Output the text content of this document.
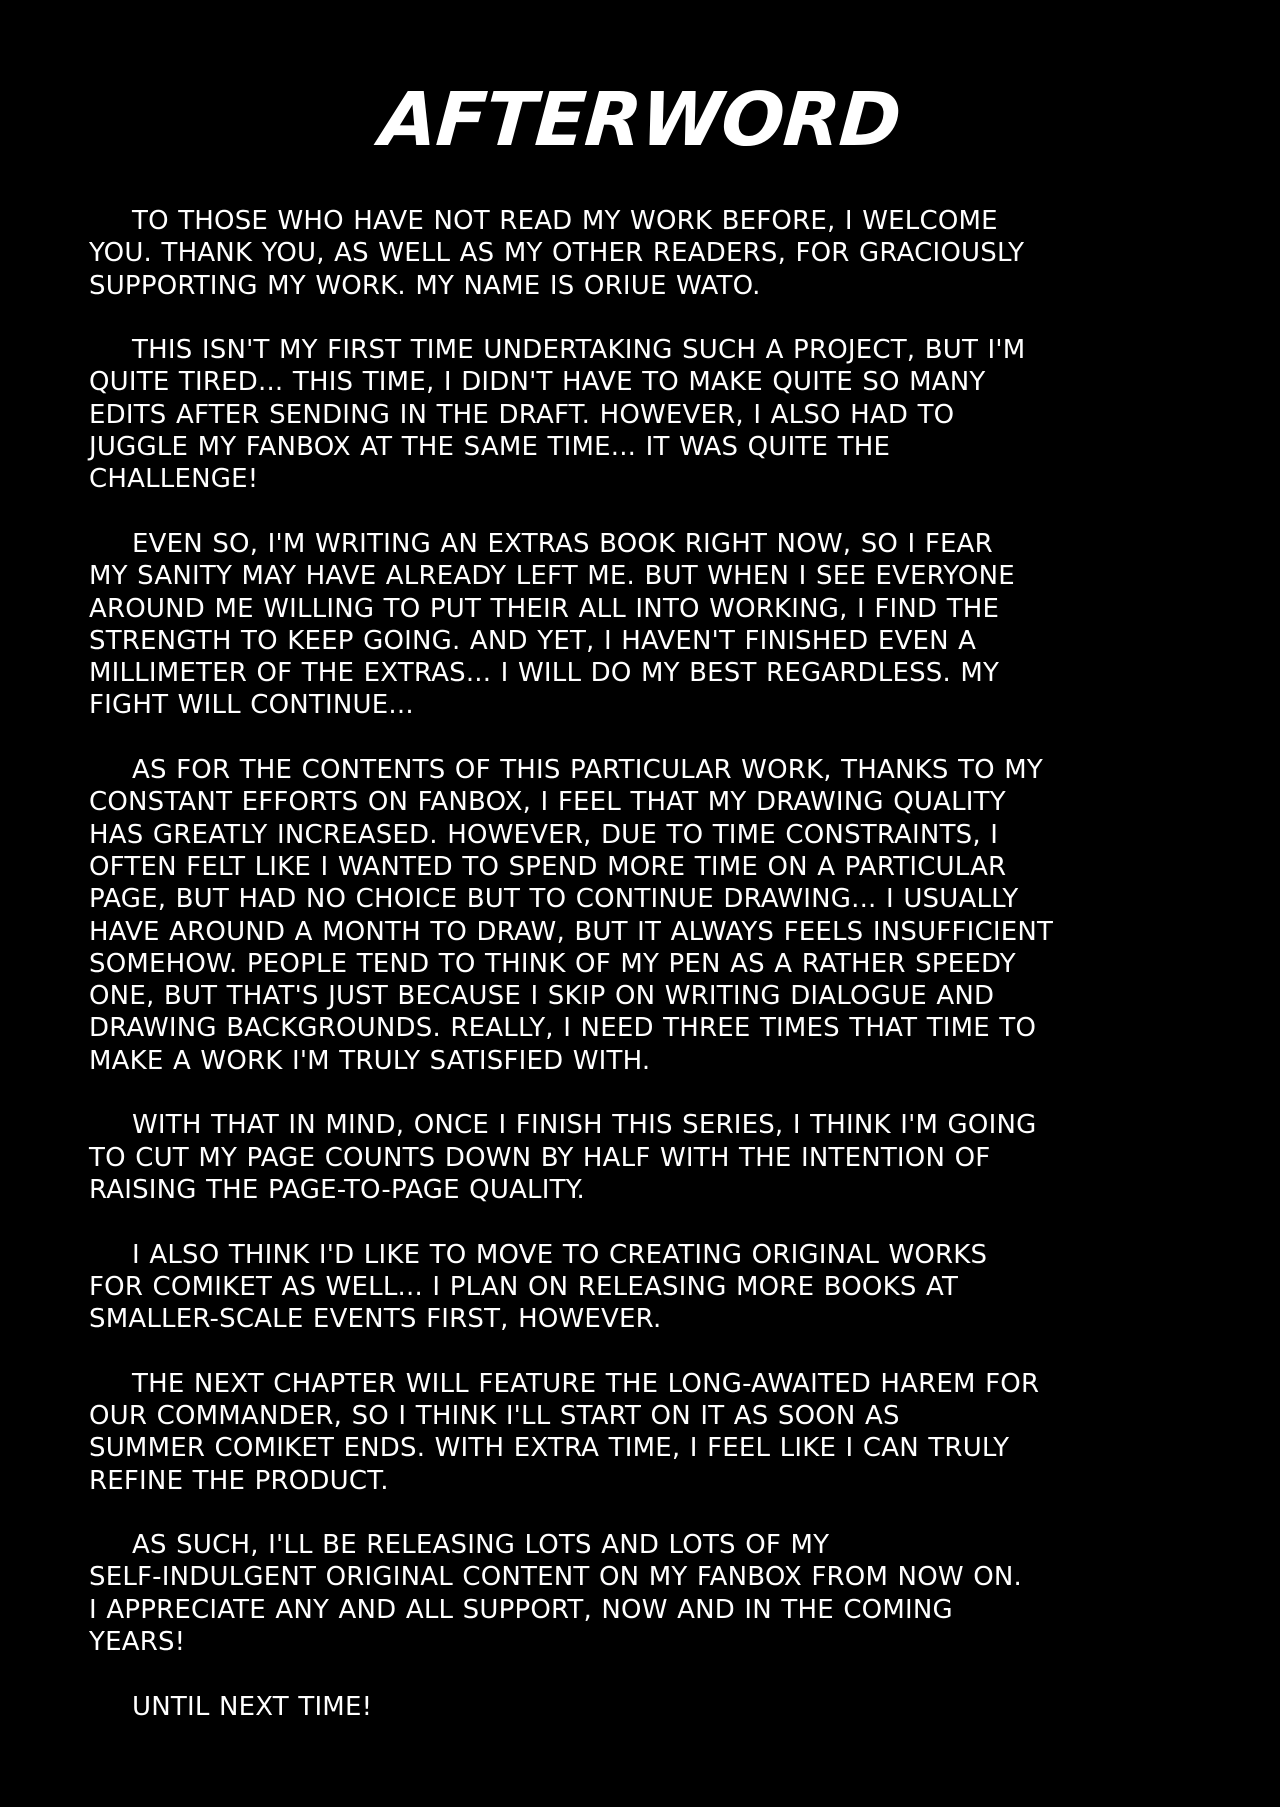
AFTERWORD

TO THOSE WHO HAVE NOT READ MY WORK BEFORE, I WELCOME
YOU. THANK YOU, AS WELL AS MY OTHER READERS, FOR GRACIOUSLY
SUPPORTING MY WORK. MY NAME IS ORIUE WATO.

THIS ISN'T MY FIRST TIME UNDERTAKING SUCH A PROJECT, BUT I'M
QUITE TIRED... THIS TIME, I DIDN'T HAVE TO MAKE QUITE SO MANY
EDITS AFTER SENDING IN THE DRAFT. HOWEVER, I ALSO HAD TO
JUGGLE MY FANBOX AT THE SAME TIME... IT WAS QUITE THE
CHALLENGE!

EVEN SO, I'M WRITING AN EXTRAS BOOK RIGHT NOW, SO I FEAR
MY SANITY MAY HAVE ALREADY LEFT ME. BUT WHEN I SEE EVERYONE
AROUND ME WILLING TO PUT THEIR ALL INTO WORKING, I FIND THE
STRENGTH TO KEEP GOING. AND YET, I HAVEN'T FINISHED EVEN A
MILLIMETER OF THE EXTRAS... I WILL DO MY BEST REGARDLESS. MY
FIGHT WILL CONTINUE...

AS FOR THE CONTENTS OF THIS PARTICULAR WORK, THANKS TO MY
CONSTANT EFFORTS ON FANBOX, I FEEL THAT MY DRAWING QUALITY
HAS GREATLY INCREASED. HOWEVER, DUE TO TIME CONSTRAINTS, I
OFTEN FELT LIKE I WANTED TO SPEND MORE TIME ON A PARTICULAR
PAGE, BUT HAD NO CHOICE BUT TO CONTINUE DRAWING... I USUALLY
HAVE AROUND A MONTH TO DRAW, BUT IT ALWAYS FEELS INSUFFICIENT
SOMEHOW. PEOPLE TEND TO THINK OF MY PEN AS A RATHER SPEEDY
ONE, BUT THAT'S JUST BECAUSE I SKIP ON WRITING DIALOGUE AND
DRAWING BACKGROUNDS. REALLY, I NEED THREE TIMES THAT TIME TO
MAKE A WORK I'M TRULY SATISFIED WITH.

WITH THAT IN MIND, ONCE I FINISH THIS SERIES, I THINK I'M GOING
TO CUT MY PAGE COUNTS DOWN BY HALF WITH THE INTENTION OF
RAISING THE PAGE-TO-PAGE QUALITY.

I ALSO THINK I'D LIKE TO MOVE TO CREATING ORIGINAL WORKS
FOR COMIKET AS WELL... I PLAN ON RELEASING MORE BOOKS AT
SMALLER-SCALE EVENTS FIRST, HOWEVER.

THE NEXT CHAPTER WILL FEATURE THE LONG-AWAITED HAREM FOR
OUR COMMANDER, SO I THINK I'LL START ON IT AS SOON AS
SUMMER COMIKET ENDS. WITH EXTRA TIME, I FEEL LIKE I CAN TRULY
REFINE THE PRODUCT.

AS SUCH, I'LL BE RELEASING LOTS AND LOTS OF MY
SELF-INDULGENT ORIGINAL CONTENT ON MY FANBOX FROM NOW ON.
I APPRECIATE ANY AND ALL SUPPORT, NOW AND IN THE COMING
YEARS!

UNTIL NEXT TIME!
